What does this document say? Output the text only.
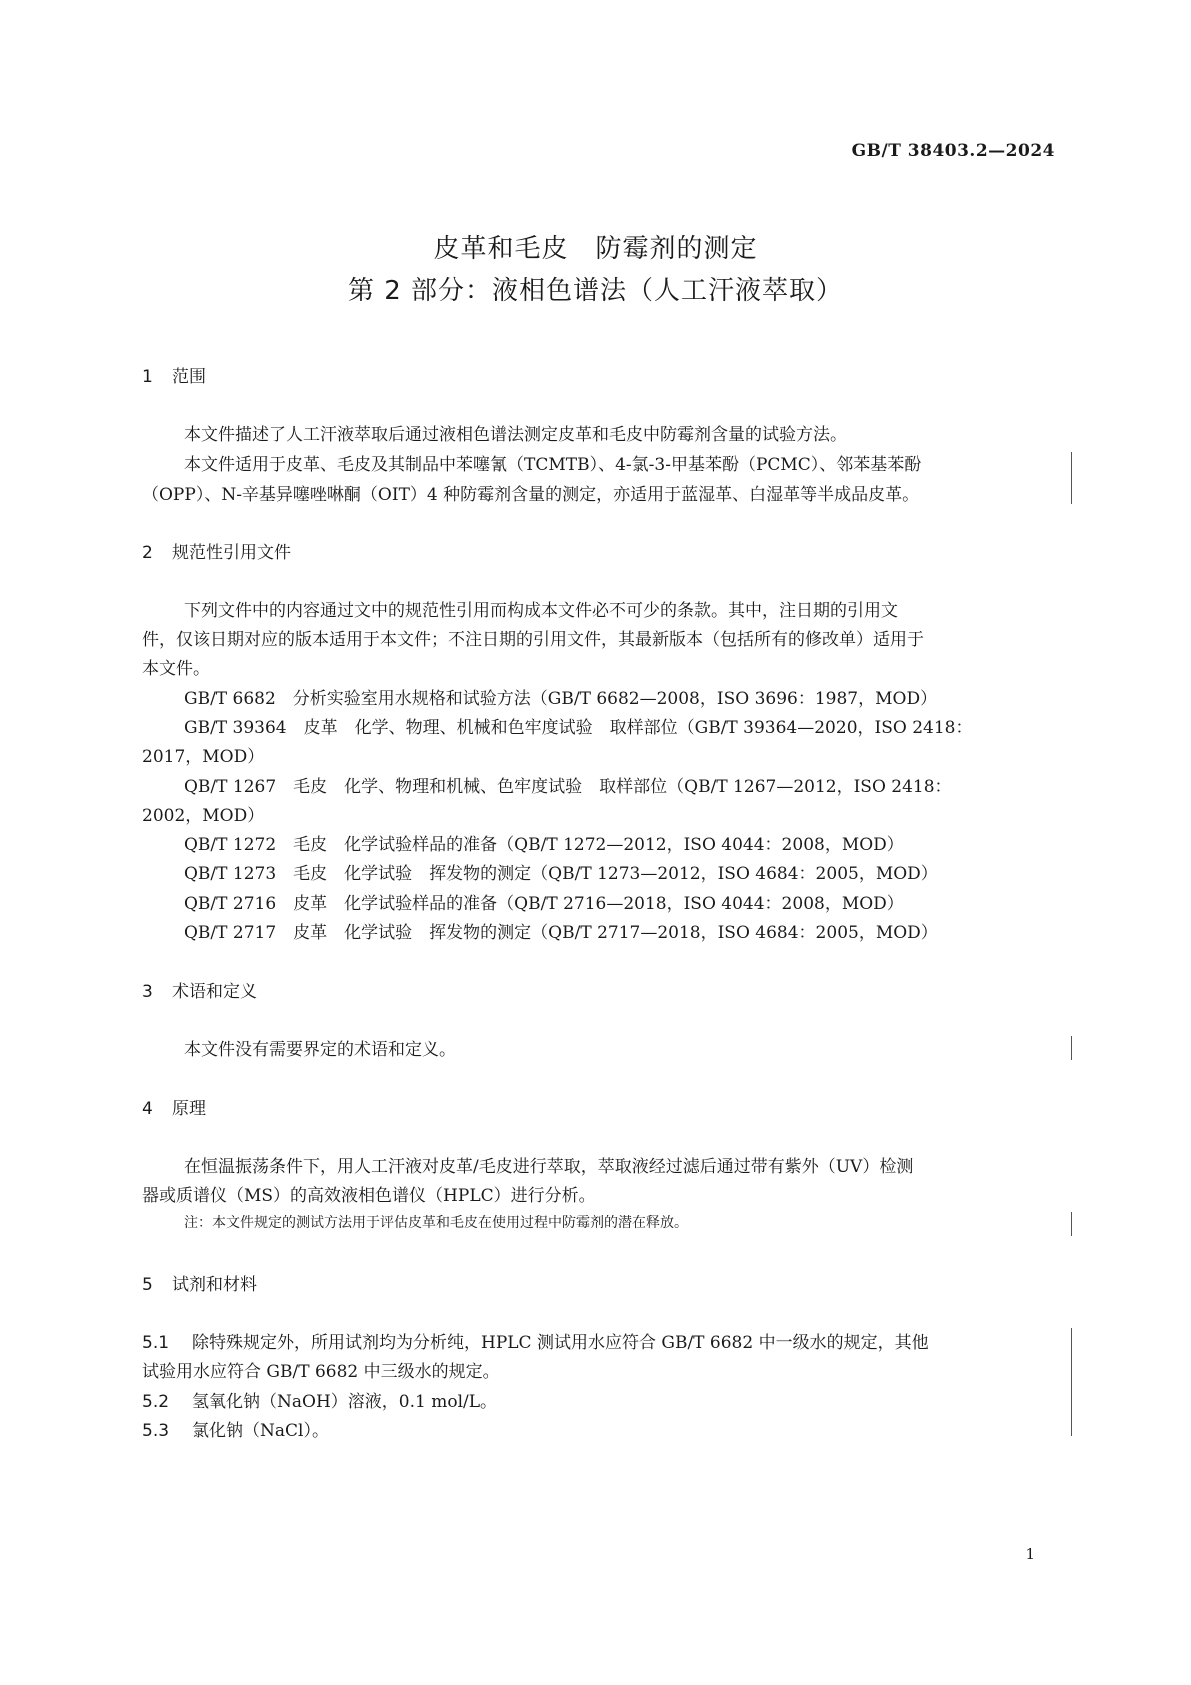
GB/T 38403.2—2024
皮革和毛皮　防霉剂的测定
第 2 部分：液相色谱法（人工汗液萃取）
1 范围
本文件描述了人工汗液萃取后通过液相色谱法测定皮革和毛皮中防霉剂含量的试验方法。
本文件适用于皮革、毛皮及其制品中苯噻氰（TCMTB）、4-氯-3-甲基苯酚（PCMC）、邻苯基苯酚
（OPP）、N-辛基异噻唑啉酮（OIT）4 种防霉剂含量的测定，亦适用于蓝湿革、白湿革等半成品皮革。
2 规范性引用文件
下列文件中的内容通过文中的规范性引用而构成本文件必不可少的条款。其中，注日期的引用文
件，仅该日期对应的版本适用于本文件；不注日期的引用文件，其最新版本（包括所有的修改单）适用于
本文件。
GB/T 6682　分析实验室用水规格和试验方法（GB/T 6682—2008，ISO 3696：1987，MOD）
GB/T 39364　皮革　化学、物理、机械和色牢度试验　取样部位（GB/T 39364—2020，ISO 2418：
2017，MOD）
QB/T 1267　毛皮　化学、物理和机械、色牢度试验　取样部位（QB/T 1267—2012，ISO 2418：
2002，MOD）
QB/T 1272　毛皮　化学试验样品的准备（QB/T 1272—2012，ISO 4044：2008，MOD）
QB/T 1273　毛皮　化学试验　挥发物的测定（QB/T 1273—2012，ISO 4684：2005，MOD）
QB/T 2716　皮革　化学试验样品的准备（QB/T 2716—2018，ISO 4044：2008，MOD）
QB/T 2717　皮革　化学试验　挥发物的测定（QB/T 2717—2018，ISO 4684：2005，MOD）
3 术语和定义
本文件没有需要界定的术语和定义。
4 原理
在恒温振荡条件下，用人工汗液对皮革/毛皮进行萃取，萃取液经过滤后通过带有紫外（UV）检测
器或质谱仪（MS）的高效液相色谱仪（HPLC）进行分析。
注：本文件规定的测试方法用于评估皮革和毛皮在使用过程中防霉剂的潜在释放。
5 试剂和材料
5.1 除特殊规定外，所用试剂均为分析纯，HPLC 测试用水应符合 GB/T 6682 中一级水的规定，其他
试验用水应符合 GB/T 6682 中三级水的规定。
5.2 氢氧化钠（NaOH）溶液，0.1 mol/L。
5.3 氯化钠（NaCl）。
1
